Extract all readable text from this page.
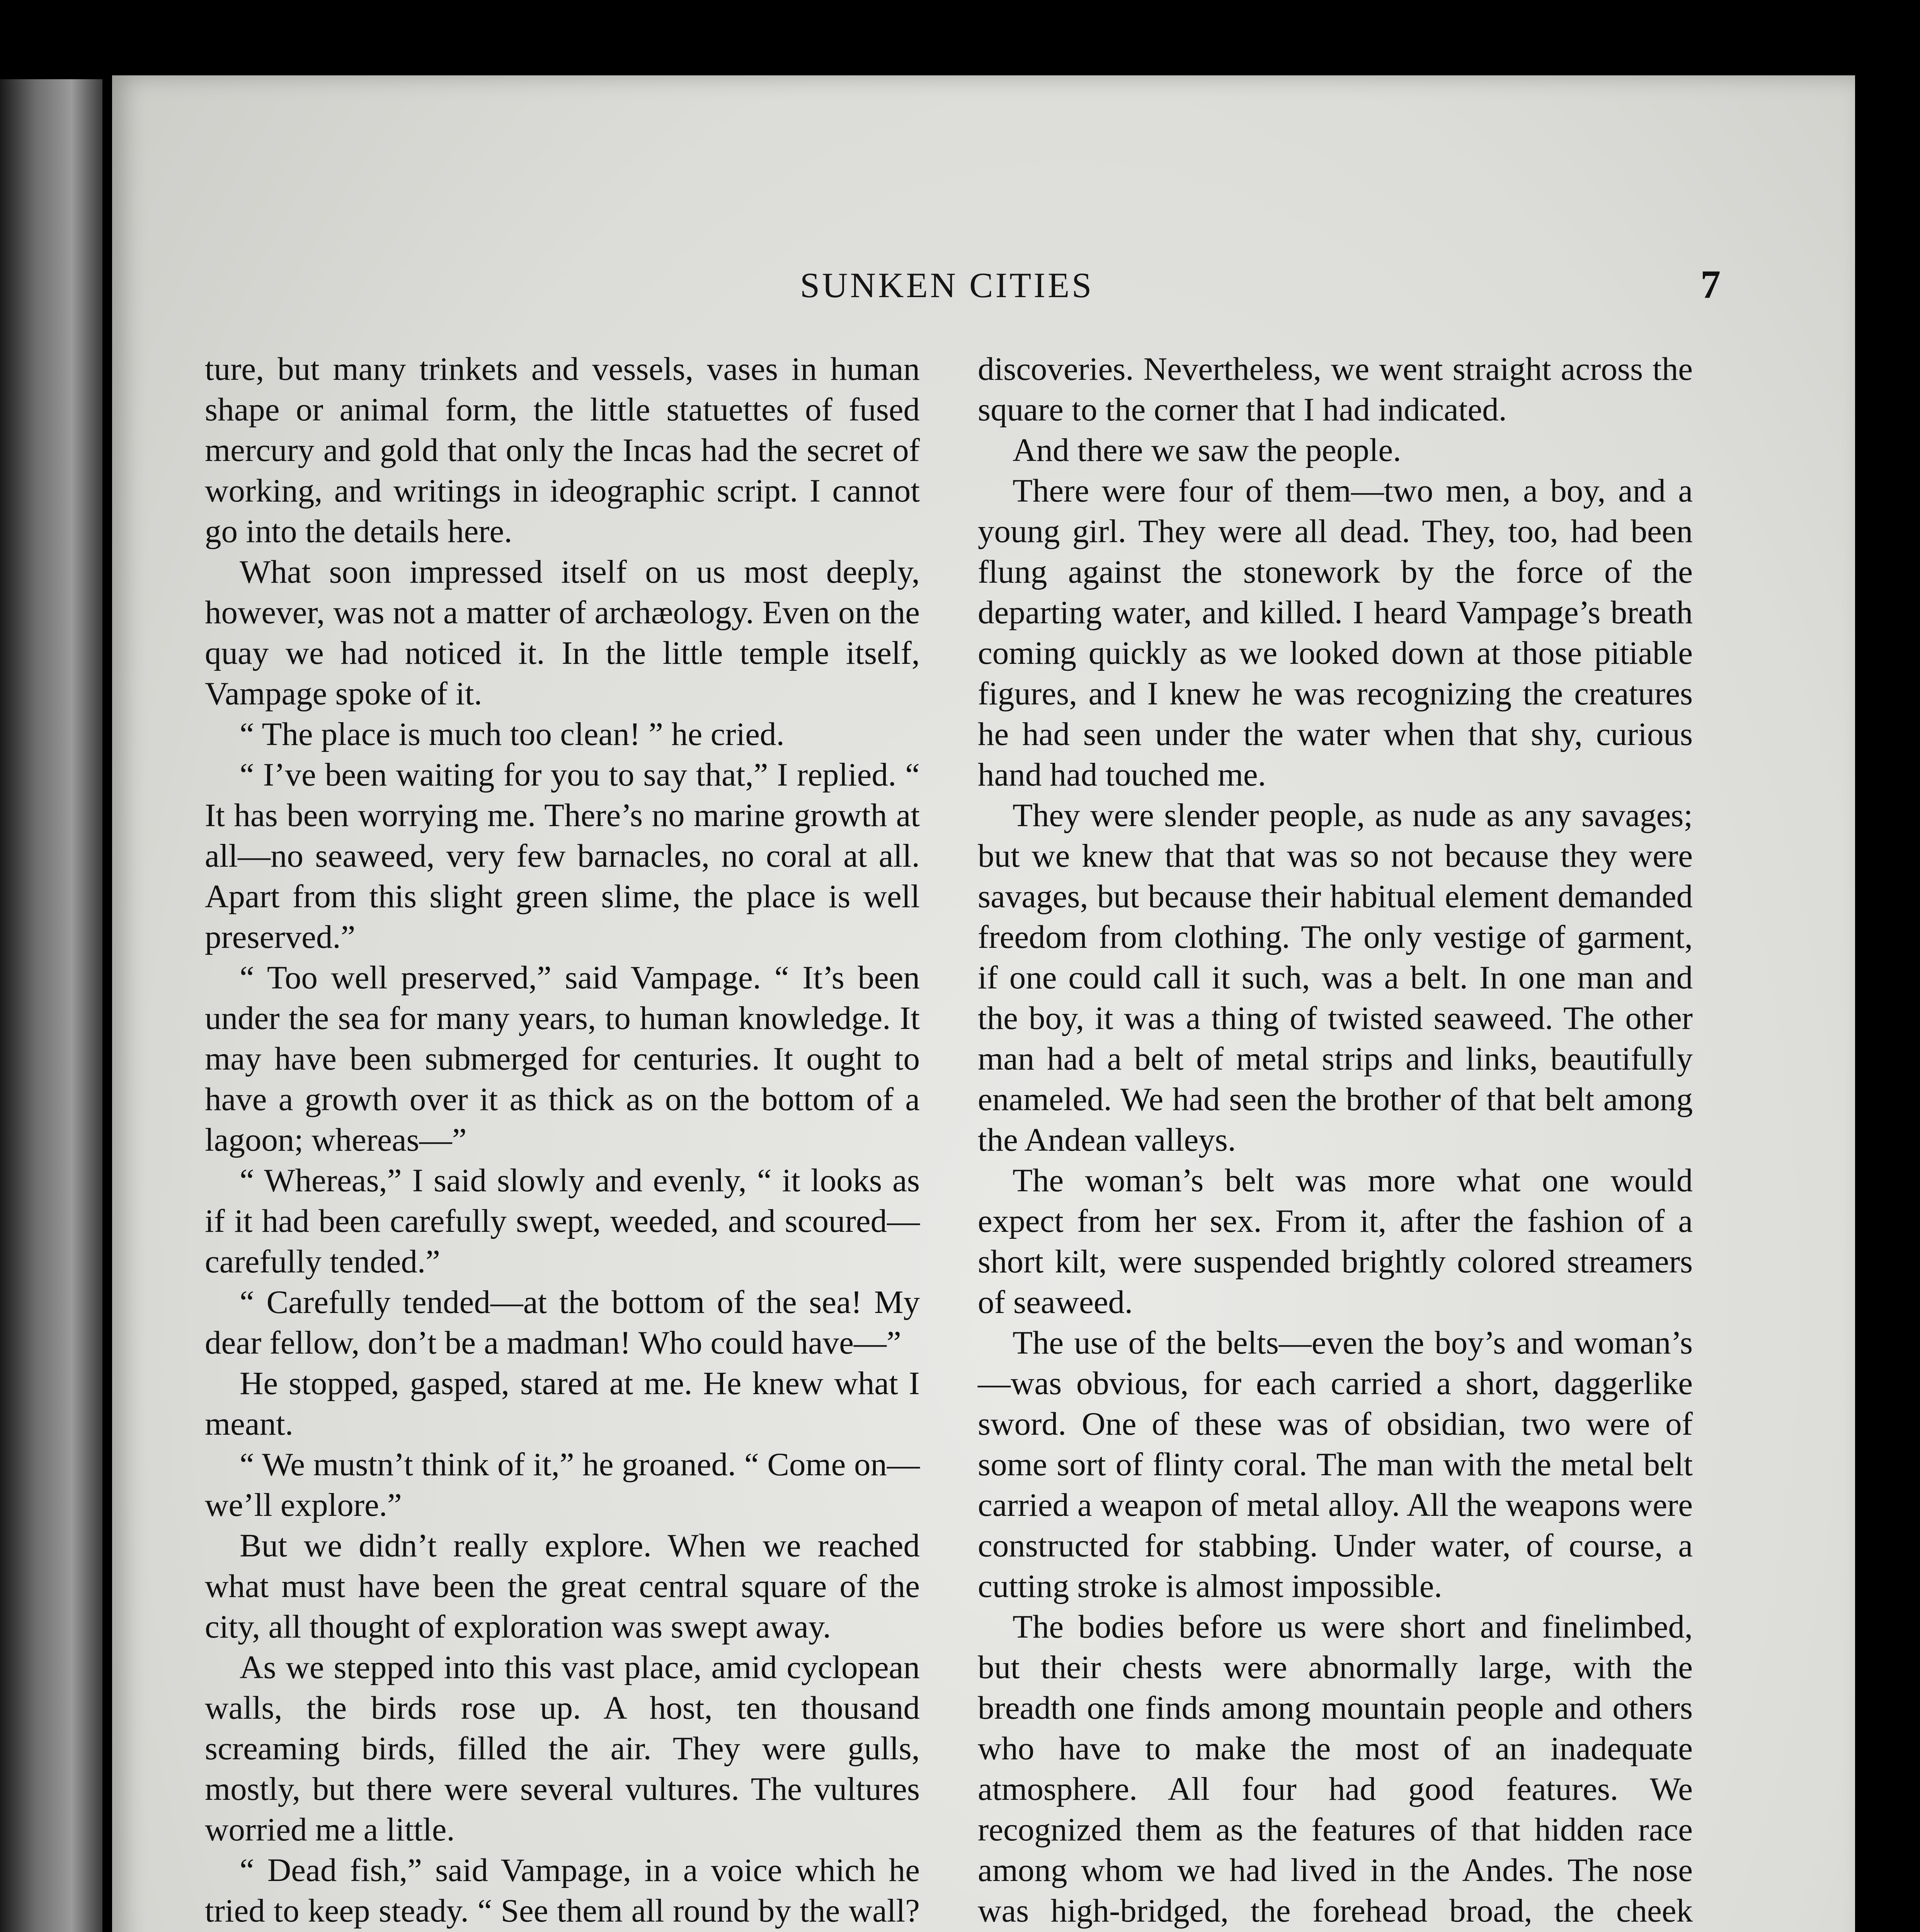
SUNKEN CITIES	7

ture, but many trinkets and vessels, vases in human shape or animal form, the little statuettes of fused mercury and gold that only the Incas had the secret of working, and writings in ideographic script. I cannot go into the details here.

What soon impressed itself on us most deeply, however, was not a matter of archæology. Even on the quay we had noticed it. In the little temple itself, Vampage spoke of it.

“ The place is much too clean! ” he cried.

“ I’ve been waiting for you to say that,” I replied. “ It has been worrying me. There’s no marine growth at all—no seaweed, very few barnacles, no coral at all. Apart from this slight green slime, the place is well preserved.”

“ Too well preserved,” said Vampage. “ It’s been under the sea for many years, to human knowledge. It may have been submerged for centuries. It ought to have a growth over it as thick as on the bottom of a lagoon; whereas—”

“ Whereas,” I said slowly and evenly, “ it looks as if it had been carefully swept, weeded, and scoured—carefully tended.”

“ Carefully tended—at the bottom of the sea! My dear fellow, don’t be a madman! Who could have—”

He stopped, gasped, stared at me. He knew what I meant.

“ We mustn’t think of it,” he groaned. “ Come on—we’ll explore.”

But we didn’t really explore. When we reached what must have been the great central square of the city, all thought of exploration was swept away.

As we stepped into this vast place, amid cyclopean walls, the birds rose up. A host, ten thousand screaming birds, filled the air. They were gulls, mostly, but there were several vultures. The vultures worried me a little.

“ Dead fish,” said Vampage, in a voice which he tried to keep steady. “ See them all round by the wall?

discoveries. Nevertheless, we went straight across the square to the corner that I had indicated.

And there we saw the people.

There were four of them—two men, a boy, and a young girl. They were all dead. They, too, had been flung against the stonework by the force of the departing water, and killed. I heard Vampage’s breath coming quickly as we looked down at those pitiable figures, and I knew he was recognizing the creatures he had seen under the water when that shy, curious hand had touched me.

They were slender people, as nude as any savages; but we knew that that was so not because they were savages, but because their habitual element demanded freedom from clothing. The only vestige of garment, if one could call it such, was a belt. In one man and the boy, it was a thing of twisted seaweed. The other man had a belt of metal strips and links, beautifully enameled. We had seen the brother of that belt among the Andean valleys.

The woman’s belt was more what one would expect from her sex. From it, after the fashion of a short kilt, were suspended brightly colored streamers of seaweed.

The use of the belts—even the boy’s and woman’s—was obvious, for each carried a short, daggerlike sword. One of these was of obsidian, two were of some sort of flinty coral. The man with the metal belt carried a weapon of metal alloy. All the weapons were constructed for stabbing. Under water, of course, a cutting stroke is almost impossible.

The bodies before us were short and finelimbed, but their chests were abnormally large, with the breadth one finds among mountain people and others who have to make the most of an inadequate atmosphere. All four had good features. We recognized them as the features of that hidden race among whom we had lived in the Andes. The nose was high-bridged, the forehead broad, the cheek
